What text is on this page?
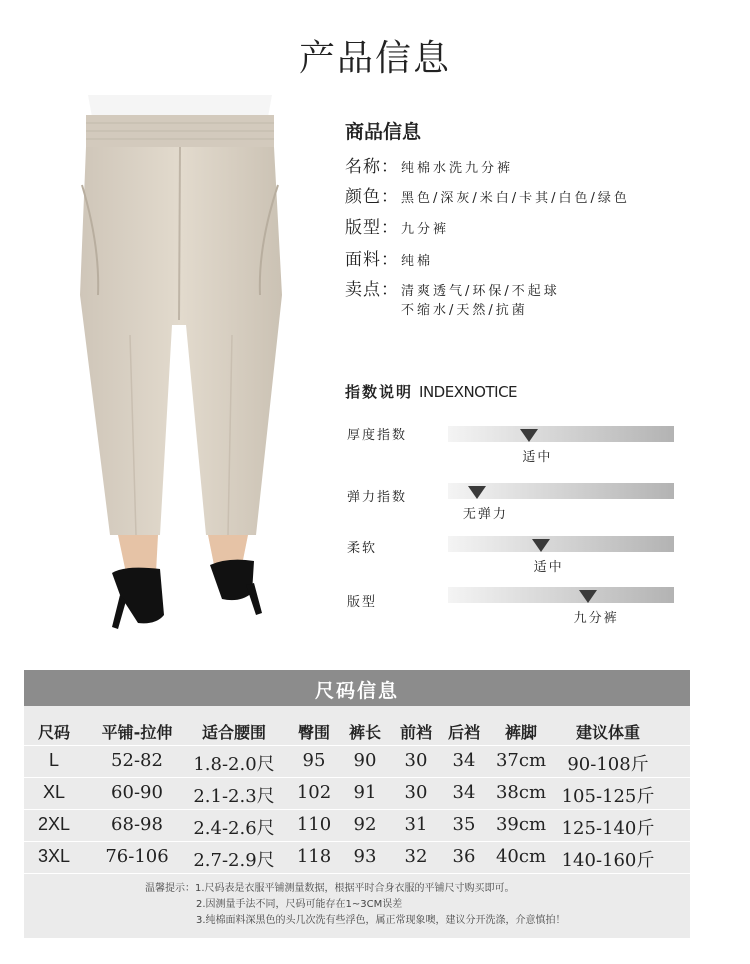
产品信息
商品信息
名称： 纯棉水洗九分裤
颜色： 黑色/深灰/米白/卡其/白色/绿色
版型： 九分裤
面料： 纯棉
卖点： 清爽透气/环保/不起球
不缩水/天然/抗菌
指数说明 INDEXNOTICE
厚度指数
适中
弹力指数
无弹力
柔软
适中
版型
九分裤
尺码信息
尺码	平铺-拉伸	适合腰围	臀围	裤长	前裆 后裆	裤脚	建议体重
L	52-82	1.8-2.0尺	95	90	30	34	37cm	90-108斤
XL	60-90	2.1-2.3尺	102	91	30	34	38cm 105-125斤
2XL	68-98	2.4-2.6尺	110	92	31	35	39cm 125-140斤
3XL	76-106	2.7-2.9尺	118	93	32	36	40cm 140-160斤
温馨提示：1.尺码表是衣服平铺测量数据，根据平时合身衣服的平铺尺寸购买即可。
2.因测量手法不同，尺码可能存在1~3CM误差
3.纯棉面料深黑色的头几次洗有些浮色，属正常现象噢，建议分开洗涤，介意慎拍！
